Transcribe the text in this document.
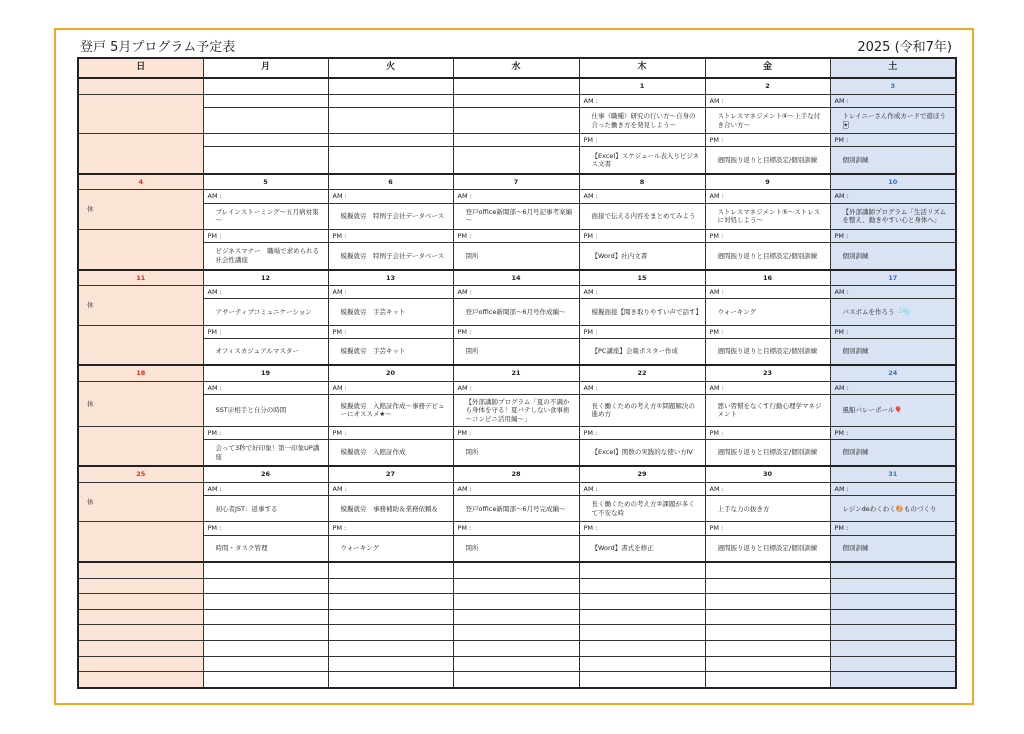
登戸 5月プログラム予定表	2025 (令和7年)
日	月	火	水	木	金	土
				1	2	3
				AM :	AM :	AM :
				仕事（職種）研究の行い方～自身の合った働き方を発見しよう～	ストレスマネジメント④～上手な付き合い方～	トレイニーさん作成カードで遊ぼう🃏
				PM :	PM :	PM :
				【Excel】スケジュール表入りビジネス文書	週間振り返りと目標設定/個別訓練	個別訓練
4	5	6	7	8	9	10
休	AM :	AM :	AM :	AM :	AM :	AM :
	ブレインストーミング～五月病対策～	模擬就労　特例子会社データベース	登戸office新聞部～6月号記事考案編～	面接で伝える内容をまとめてみよう	ストレスマネジメント⑤～ストレスに対処しよう～	【外部講師プログラム「生活リズムを整え、動きやすい心と身体へ」
	PM :	PM :	PM :	PM :	PM :	PM :
	ビジネスマナー　職場で求められる社会性講座	模擬就労　特例子会社データベース	閉所	【Word】社内文書	週間振り返りと目標設定/個別訓練	個別訓練
11	12	13	14	15	16	17
休	AM :	AM :	AM :	AM :	AM :	AM :
	アサーティブコミュニケーション	模擬就労　手芸キット	登戸office新聞部～6月号作成編～	模擬面接【聞き取りやすい声で話す】	ウォーキング	バスボムを作ろう🛁🫧
	PM :	PM :	PM :	PM :	PM :	PM :
	オフィスカジュアルマスター	模擬就労　手芸キット	閉所	【PC講座】会報ポスター作成	週間振り返りと目標設定/個別訓練	個別訓練
18	19	20	21	22	23	24
休	AM :	AM :	AM :	AM :	AM :	AM :
	SST＠相手と自分の時間	模擬就労　入館証作成～事務デビューにオススメ★～	【外部講師プログラム「夏の不調から身体を守る！夏バテしない食事術～コンビニ活用編～」	長く働くための考え方①問題解決の進め方	悪い習慣をなくす行動心理学マネジメント	風船バレーボール🎈
	PM :	PM :	PM :	PM :	PM :	PM :
	会って3秒で好印象！第一印象UP講座	模擬就労　入館証作成	閉所	【Excel】関数の実践的な使い方Ⅳ	週間振り返りと目標設定/個別訓練	個別訓練
25	26	27	28	29	30	31
休	AM :	AM :	AM :	AM :	AM :	AM :
	初心者JST：返事する	模擬就労　事務補助＆業務依頼＆	登戸office新聞部～6月号完成編～	長く働くための考え方②課題が多くて不安な時	上手な力の抜き方	レジンdeわくわく🎨ものづくり
	PM :	PM :	PM :	PM :	PM :	PM :
	時間・タスク管理	ウォーキング	閉所	【Word】書式を修正	週間振り返りと目標設定/個別訓練	個別訓練
